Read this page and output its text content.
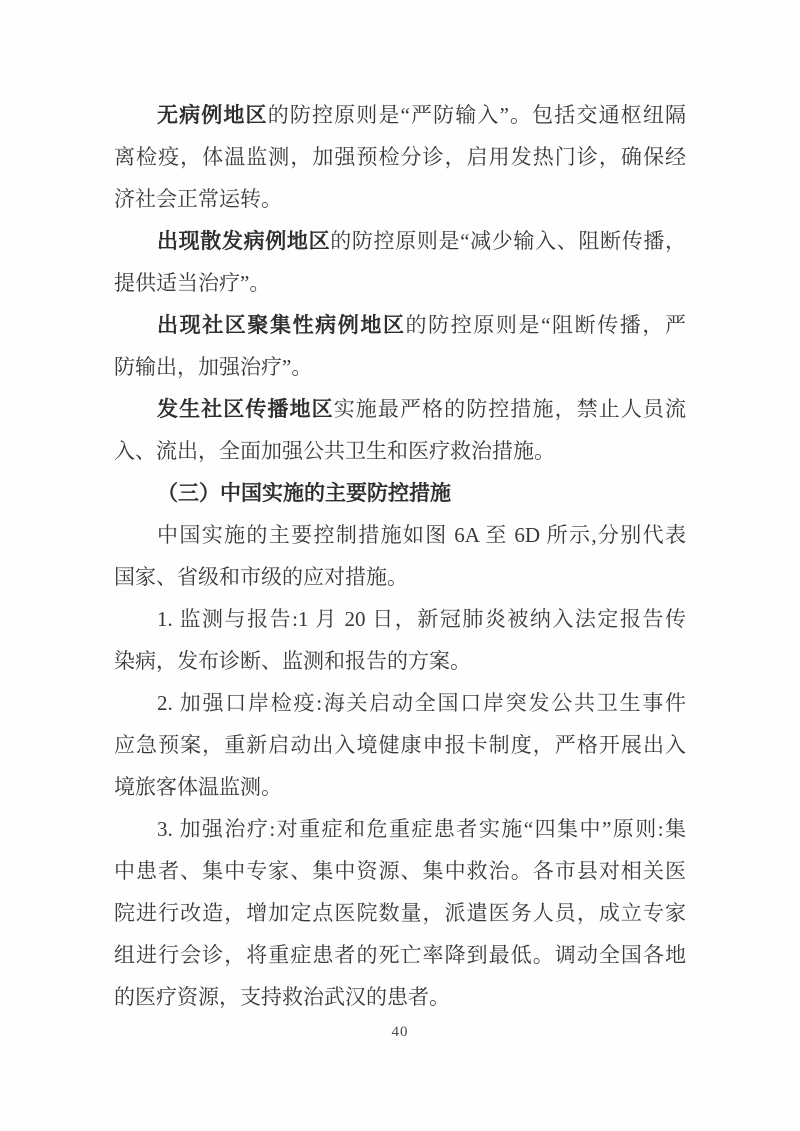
无病例地区的防控原则是“严防输入”。包括交通枢纽隔
离检疫，体温监测，加强预检分诊，启用发热门诊，确保经
济社会正常运转。
出现散发病例地区的防控原则是“减少输入、阻断传播，
提供适当治疗”。
出现社区聚集性病例地区的防控原则是“阻断传播，严
防输出，加强治疗”。
发生社区传播地区实施最严格的防控措施，禁止人员流
入、流出，全面加强公共卫生和医疗救治措施。
（三）中国实施的主要防控措施
中国实施的主要控制措施如图 6A 至 6D 所示,分别代表
国家、省级和市级的应对措施。
1. 监测与报告:1 月 20 日，新冠肺炎被纳入法定报告传
染病，发布诊断、监测和报告的方案。
2. 加强口岸检疫:海关启动全国口岸突发公共卫生事件
应急预案，重新启动出入境健康申报卡制度，严格开展出入
境旅客体温监测。
3. 加强治疗:对重症和危重症患者实施“四集中”原则:集
中患者、集中专家、集中资源、集中救治。各市县对相关医
院进行改造，增加定点医院数量，派遣医务人员，成立专家
组进行会诊，将重症患者的死亡率降到最低。调动全国各地
的医疗资源，支持救治武汉的患者。
40
